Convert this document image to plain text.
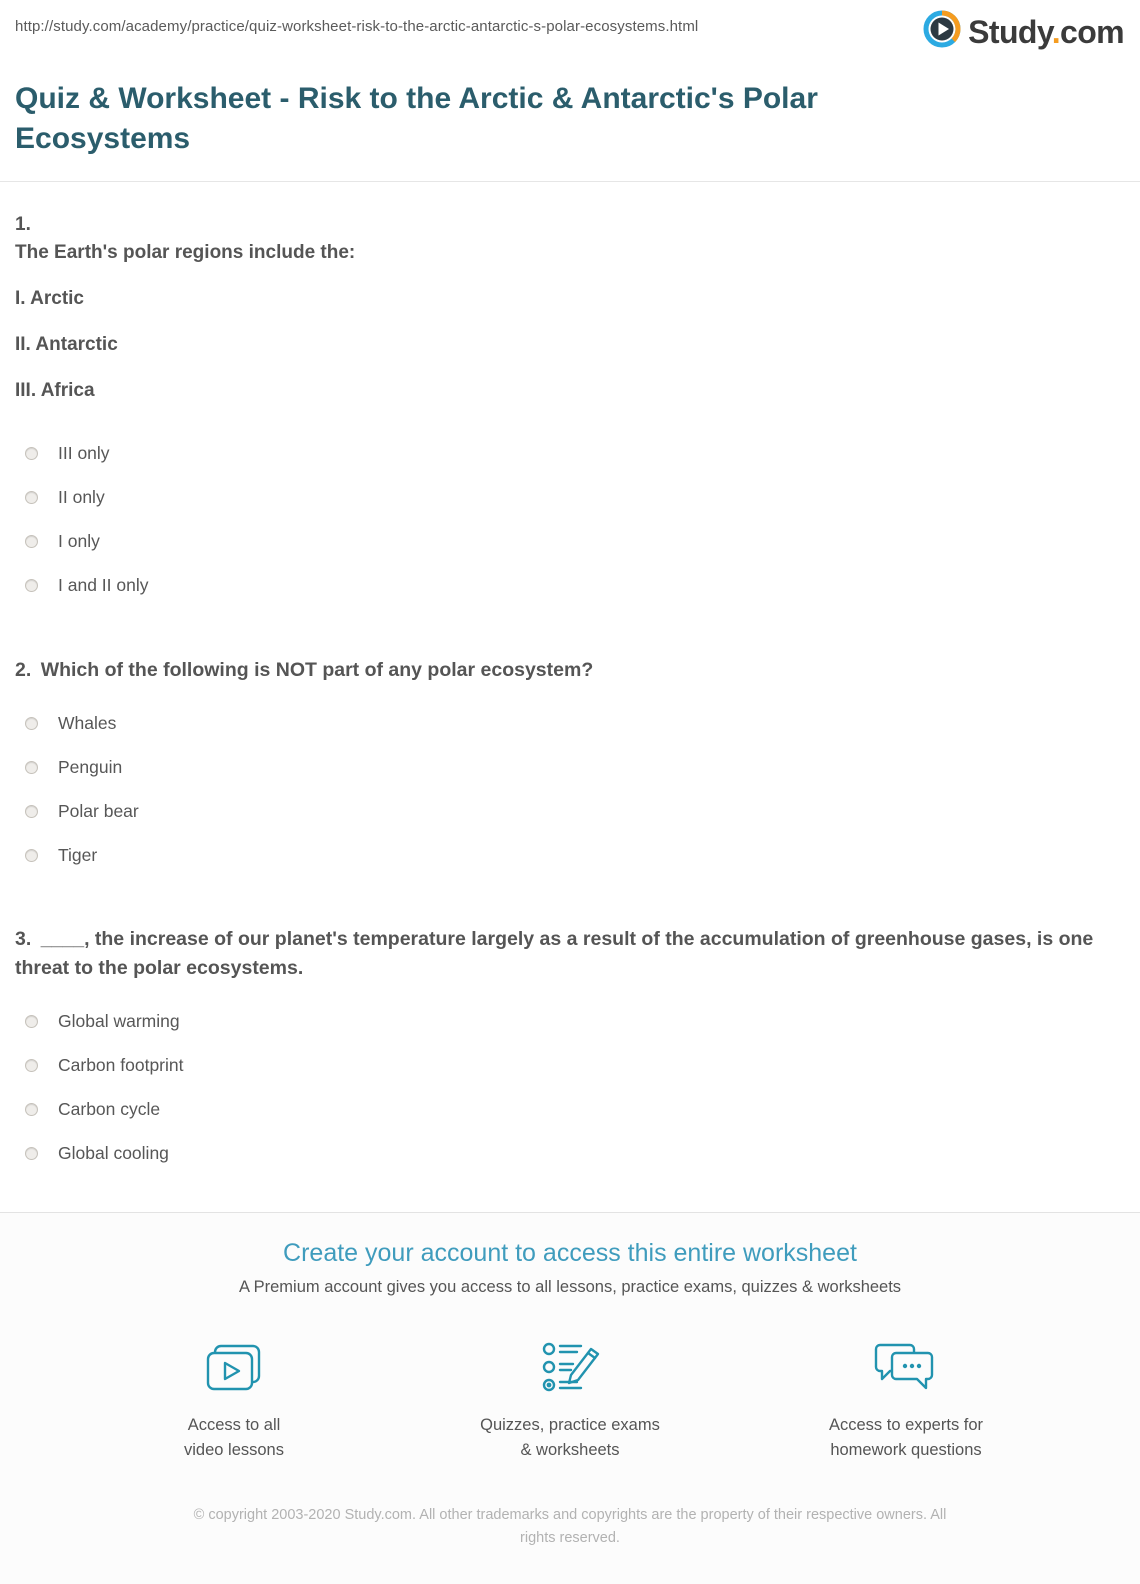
http://study.com/academy/practice/quiz-worksheet-risk-to-the-arctic-antarctic-s-polar-ecosystems.html	Study.com
Quiz & Worksheet - Risk to the Arctic & Antarctic's Polar Ecosystems
1.
The Earth's polar regions include the:
I. Arctic
II. Antarctic
III. Africa
III only
II only
I only
I and II only
2. Which of the following is NOT part of any polar ecosystem?
Whales
Penguin
Polar bear
Tiger
3. ____, the increase of our planet's temperature largely as a result of the accumulation of greenhouse gases, is one threat to the polar ecosystems.
Global warming
Carbon footprint
Carbon cycle
Global cooling
Create your account to access this entire worksheet

A Premium account gives you access to all lessons, practice exams, quizzes & worksheets

Access to all
video lessons
Quizzes, practice exams
& worksheets
Access to experts for
homework questions
© copyright 2003-2020 Study.com. All other trademarks and copyrights are the property of their respective owners. All rights reserved.
